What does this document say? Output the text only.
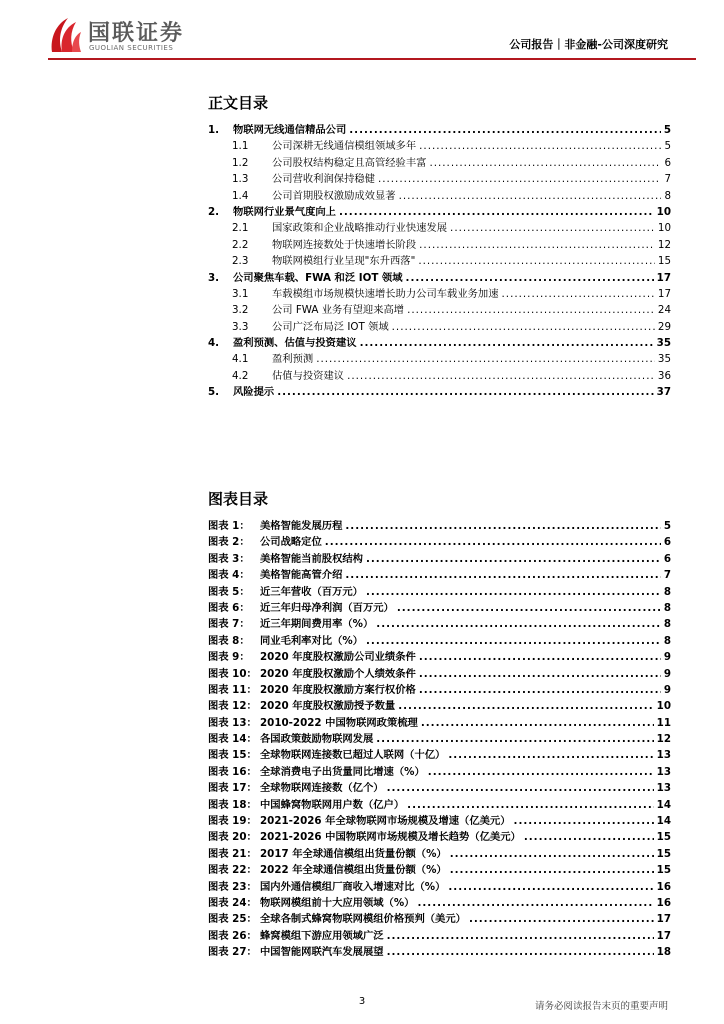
国联证券
GUOLIAN SECURITIES	公司报告｜非金融-公司深度研究
正文目录
1.	物联网无线通信精品公司 .....	5
1.1	公司深耕无线通信模组领域多年 .....	5
1.2	公司股权结构稳定且高管经验丰富 .....	6
1.3	公司营收利润保持稳健 .....	7
1.4	公司首期股权激励成效显著 .....	8
2.	物联网行业景气度向上 .....	10
2.1	国家政策和企业战略推动行业快速发展 .....	10
2.2	物联网连接数处于快速增长阶段 .....	12
2.3	物联网模组行业呈现"东升西落" .....	15
3.	公司聚焦车载、FWA 和泛 IOT 领域 .....	17
3.1	车载模组市场规模快速增长助力公司车载业务加速 .....	17
3.2	公司 FWA 业务有望迎来高增 .....	24
3.3	公司广泛布局泛 IOT 领域 .....	29
4.	盈利预测、估值与投资建议 .....	35
4.1	盈利预测 .....	35
4.2	估值与投资建议 .....	36
5.	风险提示 .....	37
图表目录
图表 1：	美格智能发展历程 .....	5
图表 2：	公司战略定位 .....	6
图表 3：	美格智能当前股权结构 .....	6
图表 4：	美格智能高管介绍 .....	7
图表 5：	近三年营收（百万元） .....	8
图表 6：	近三年归母净利润（百万元） .....	8
图表 7：	近三年期间费用率（%） .....	8
图表 8：	同业毛利率对比（%） .....	8
图表 9：	2020 年度股权激励公司业绩条件 .....	9
图表 10： 2020 年度股权激励个人绩效条件 .....	9
图表 11： 2020 年度股权激励方案行权价格 .....	9
图表 12： 2020 年度股权激励授予数量 .....	10
图表 13： 2010-2022 中国物联网政策梳理 .....	11
图表 14： 各国政策鼓励物联网发展 .....	12
图表 15： 全球物联网连接数已超过人联网（十亿） .....	13
图表 16： 全球消费电子出货量同比增速（%） .....	13
图表 17： 全球物联网连接数（亿个） .....	13
图表 18： 中国蜂窝物联网用户数（亿户） .....	14
图表 19： 2021-2026 年全球物联网市场规模及增速（亿美元） .....	14
图表 20： 2021-2026 中国物联网市场规模及增长趋势（亿美元） .....	15
图表 21： 2017 年全球通信模组出货量份额（%） .....	15
图表 22： 2022 年全球通信模组出货量份额（%） .....	15
图表 23： 国内外通信模组厂商收入增速对比（%） .....	16
图表 24： 物联网模组前十大应用领域（%） .....	16
图表 25： 全球各制式蜂窝物联网模组价格预判（美元） .....	17
图表 26： 蜂窝模组下游应用领域广泛 .....	17
图表 27： 中国智能网联汽车发展展望 .....	18
3	请务必阅读报告末页的重要声明
